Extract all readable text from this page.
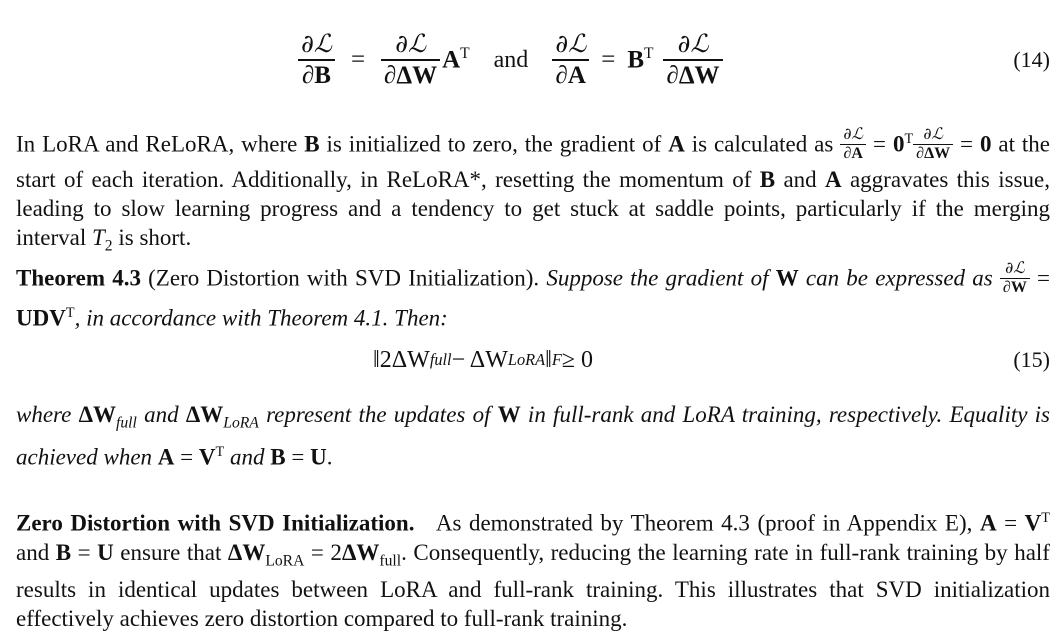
$\frac{\text{∂ℒ}}{\partial B} = \frac{\text{∂ℒ}}{\partial\Delta W} A^T$	and $\frac{\text{∂ℒ}}{\partial A} = B^T \frac{\text{∂ℒ}}{\partial\Delta W}$	(14)
In LoRA and ReLoRA, where B is initialized to zero, the gradient of A is calculated as $\frac{\text{∂ℒ}}{\partial A} = 0^T \frac{\text{∂ℒ}}{\partial\Delta W} = 0$ at the start of each iteration. Additionally, in ReLoRA*, resetting the momentum of B and A aggravates this issue, leading to slow learning progress and a tendency to get stuck at saddle points, particularly if the merging interval $T_2$ is short.
Theorem 4.3 (Zero Distortion with SVD Initialization). Suppose the gradient of W can be expressed as $\frac{\text{∂ℒ}}{\partial W} = UDV^T$, in accordance with Theorem 4.1. Then:
‖2ΔW full − ΔW LoRA ‖ F ≥ 0	(15)
where $\Delta W_{full}$ and $\Delta W_{LoRA}$ represent the updates of W in full-rank and LoRA training, respectively. Equality is achieved when $A = V^T$ and B = U.
Zero Distortion with SVD Initialization.   As demonstrated by Theorem 4.3 (proof in Appendix E), $A = V^T$ and B = U ensure that $\Delta W_{LoRA} = 2\Delta W_{full}$. Consequently, reducing the learning rate in full-rank training by half results in identical updates between LoRA and full-rank training. This illustrates that SVD initialization effectively achieves zero distortion compared to full-rank training.
